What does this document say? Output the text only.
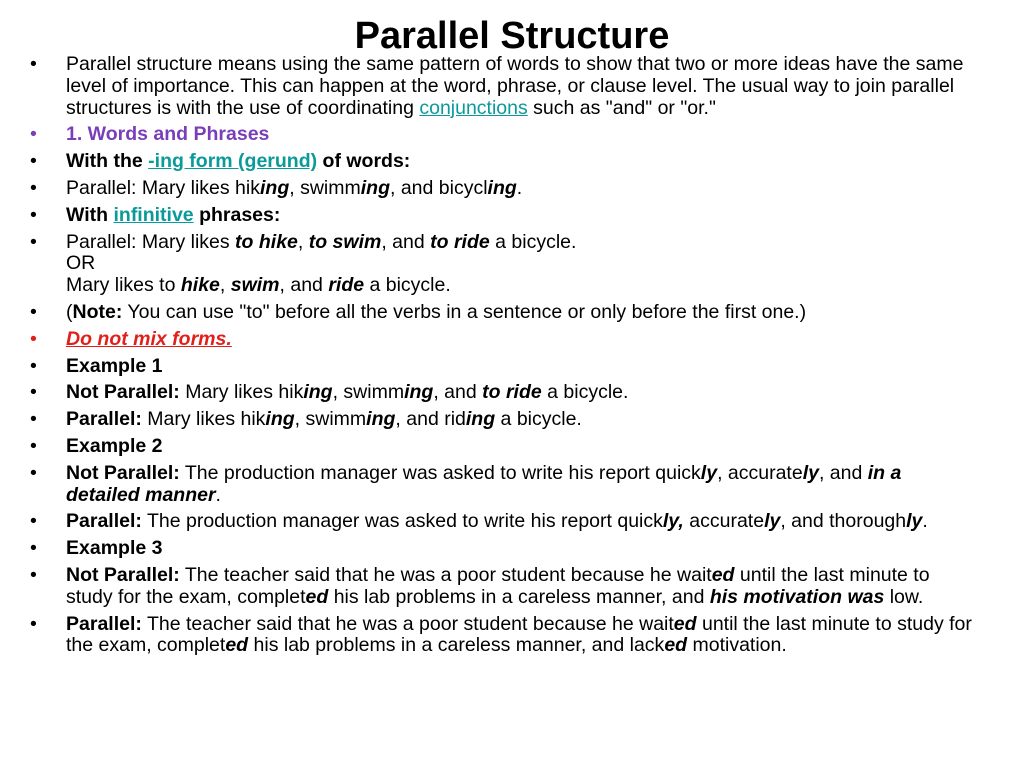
Parallel Structure
• Parallel structure means using the same pattern of words to show that two or more ideas have the same level of importance. This can happen at the word, phrase, or clause level. The usual way to join parallel structures is with the use of coordinating conjunctions such as "and" or "or."
• 1. Words and Phrases
• With the -ing form (gerund) of words:
• Parallel: Mary likes hiking, swimming, and bicycling.
• With infinitive phrases:
• Parallel: Mary likes to hike, to swim, and to ride a bicycle.
OR
Mary likes to hike, swim, and ride a bicycle.
• (Note: You can use "to" before all the verbs in a sentence or only before the first one.)
• Do not mix forms.
• Example 1
• Not Parallel: Mary likes hiking, swimming, and to ride a bicycle.
• Parallel: Mary likes hiking, swimming, and riding a bicycle.
• Example 2
• Not Parallel: The production manager was asked to write his report quickly, accurately, and in a detailed manner.
• Parallel: The production manager was asked to write his report quickly, accurately, and thoroughly.
• Example 3
• Not Parallel: The teacher said that he was a poor student because he waited until the last minute to study for the exam, completed his lab problems in a careless manner, and his motivation was low.
• Parallel: The teacher said that he was a poor student because he waited until the last minute to study for the exam, completed his lab problems in a careless manner, and lacked motivation.
